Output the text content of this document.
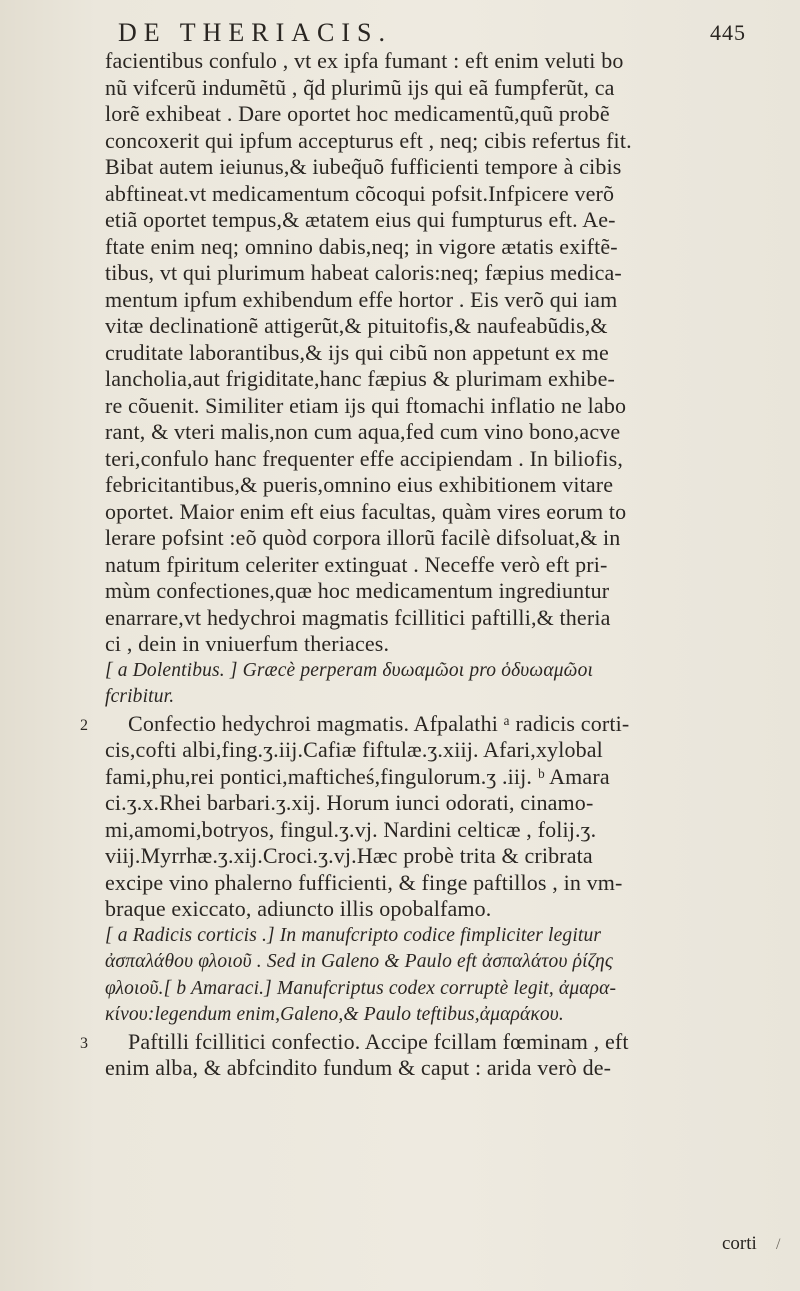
DE THERIACIS.	445
facientibus confulo , vt ex ipfa fumant : eft enim veluti bo
nũ vifcerũ indumẽtũ , q̃d plurimũ ijs qui eã fumpferũt, ca
lorẽ exhibeat . Dare oportet hoc medicamentũ,quũ probẽ
concoxerit qui ipfum accepturus eft , neq; cibis refertus fit.
Bibat autem ieiunus,& iubeq̃uõ fufficienti tempore à cibis
abftineat.vt medicamentum cõcoqui pofsit.Infpicere verõ
etiã oportet tempus,& ætatem eius qui fumpturus eft. Ae-
ftate enim neq; omnino dabis,neq; in vigore ætatis exiftẽ-
tibus, vt qui plurimum habeat caloris:neq; fæpius medica-
mentum ipfum exhibendum effe hortor . Eis verõ qui iam
vitæ declinationẽ attigerũt,& pituitofis,& naufeabũdis,&
cruditate laborantibus,& ijs qui cibũ non appetunt ex me
lancholia,aut frigiditate,hanc fæpius & plurimam exhibe-
re cõuenit. Similiter etiam ijs qui ftomachi inflatio ne labo
rant, & vteri malis,non cum aqua,fed cum vino bono,acve
teri,confulo hanc frequenter effe accipiendam . In biliofis,
febricitantibus,& pueris,omnino eius exhibitionem vitare
oportet. Maior enim eft eius facultas, quàm vires eorum to
lerare pofsint :eõ quòd corpora illorũ facilè difsoluat,& in
natum fpiritum celeriter extinguat . Neceffe verò eft pri-
mùm confectiones,quæ hoc medicamentum ingrediuntur
enarrare,vt hedychroi magmatis fcillitici paftilli,& theria
ci , dein in vniuerfum theriaces.
[ a Dolentibus. ] Græcè perperam δυωαμῶοι pro ὁδυωαμῶοι
fcribitur.
2 Confectio hedychroi magmatis. Afpalathi ᵃ radicis corti-
cis,cofti albi,fing.ʒ.iij.Cafiæ fiftulæ.ʒ.xiij. Afari,xylobal
fami,phu,rei pontici,mafticheś,fingulorum.ʒ .iij. ᵇ Amara
ci.ʒ.x.Rhei barbari.ʒ.xij. Horum iunci odorati, cinamo-
mi,amomi,botryos, fingul.ʒ.vj. Nardini celticæ , folij.ʒ.
viij.Myrrhæ.ʒ.xij.Croci.ʒ.vj.Hæc probè trita & cribrata
excipe vino phalerno fufficienti, & finge paftillos , in vm-
braque exiccato, adiuncto illis opobalfamo.
[ a Radicis corticis .] In manufcripto codice fimpliciter legitur
ἀσπαλάθου φλοιοῦ . Sed in Galeno & Paulo eft ἀσπαλάτου ῥίζης
φλοιοῦ.[ b Amaraci.] Manufcriptus codex corruptè legit, ἀμαρα-
κίνου:legendum enim,Galeno,& Paulo teftibus,ἀμαράκου.
3 Paftilli fcillitici confectio. Accipe fcillam fœminam , eft
enim alba, & abfcindito fundum & caput : arida verò de-
corti /
